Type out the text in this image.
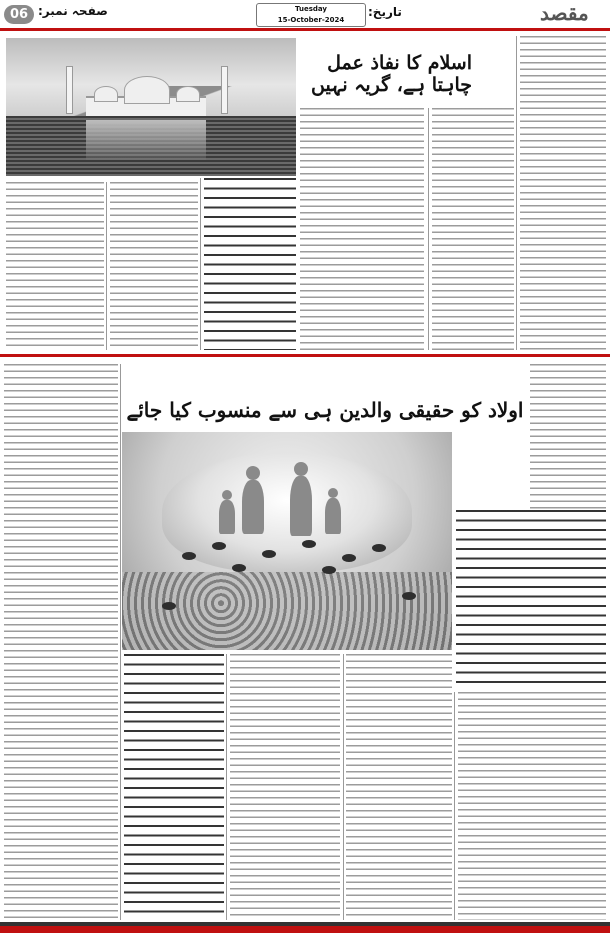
06 صفحہ نمبر:	Tuesday
15-October-2024
تاریخ:	مقصد
اسلام کا نفاذ عمل چاہتا ہے، گریہ نہیں
اولاد کو حقیقی والدین ہی سے منسوب کیا جائے
